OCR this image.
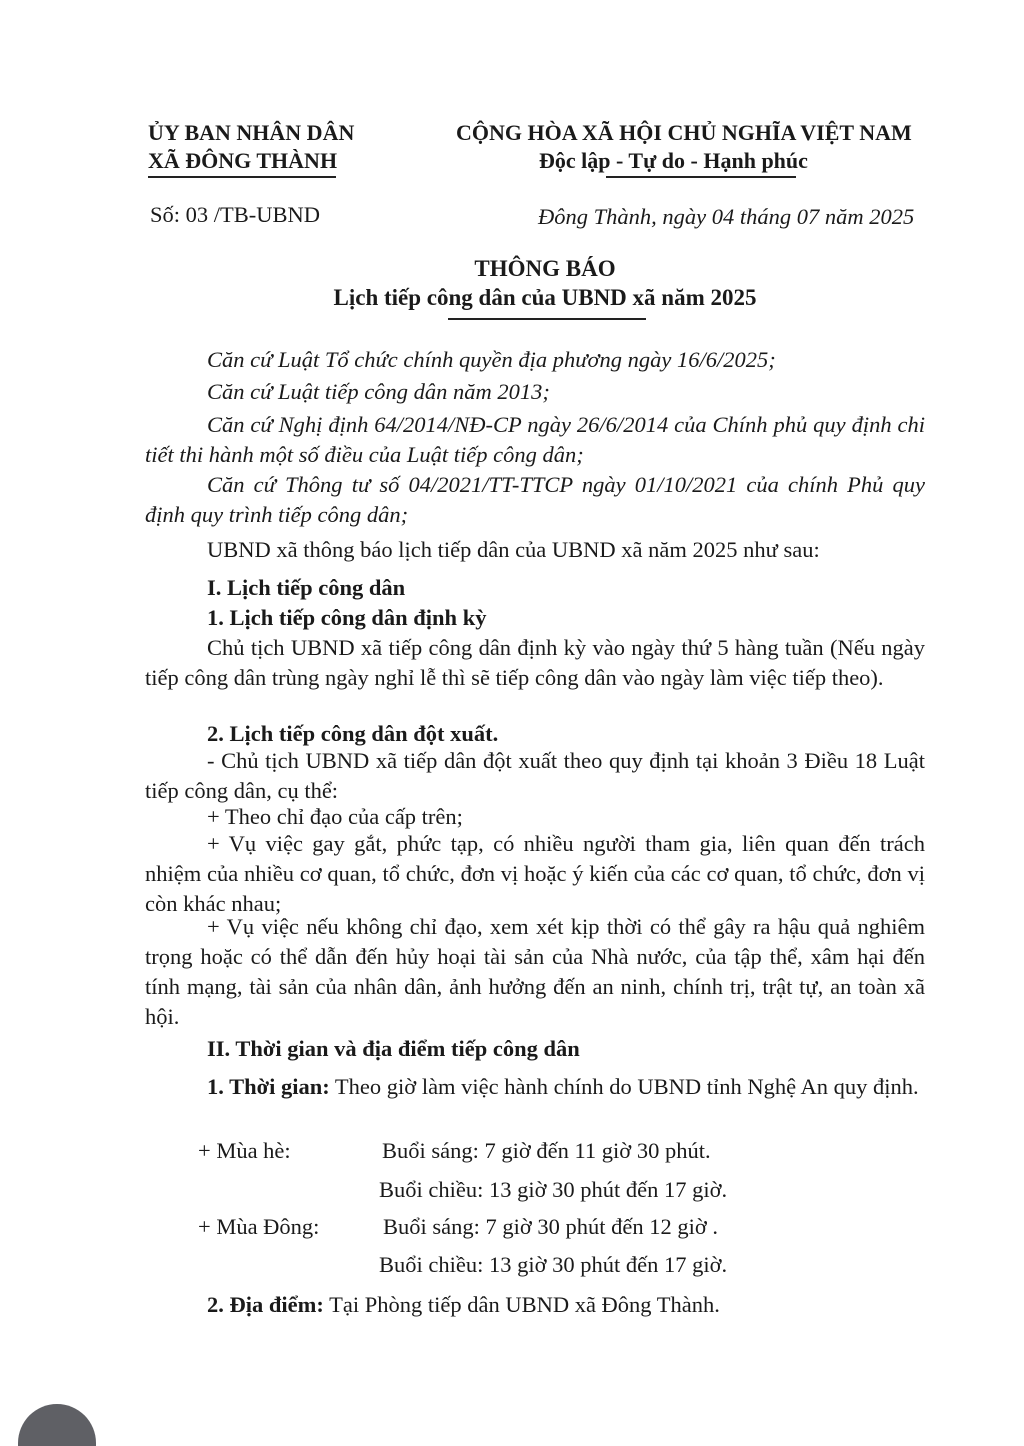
ỦY BAN NHÂN DÂN
XÃ ĐÔNG THÀNH
CỘNG HÒA XÃ HỘI CHỦ NGHĨA VIỆT NAM
Độc lập - Tự do - Hạnh phúc
Số: 03 /TB-UBND	Đông Thành, ngày 04 tháng 07 năm 2025
THÔNG BÁO
Lịch tiếp công dân của UBND xã năm 2025
Căn cứ Luật Tổ chức chính quyền địa phương ngày 16/6/2025;
Căn cứ Luật tiếp công dân năm 2013;
Căn cứ Nghị định 64/2014/NĐ-CP ngày 26/6/2014 của Chính phủ quy định chi tiết thi hành một số điều của Luật tiếp công dân;
Căn cứ Thông tư số 04/2021/TT-TTCP ngày 01/10/2021 của chính Phủ quy định quy trình tiếp công dân;
UBND xã thông báo lịch tiếp dân của UBND xã năm 2025 như sau:
I. Lịch tiếp công dân
1. Lịch tiếp công dân định kỳ
Chủ tịch UBND xã tiếp công dân định kỳ vào ngày thứ 5 hàng tuần (Nếu ngày tiếp công dân trùng ngày nghỉ lễ thì sẽ tiếp công dân vào ngày làm việc tiếp theo).
2. Lịch tiếp công dân đột xuất.
- Chủ tịch UBND xã tiếp dân đột xuất theo quy định tại khoản 3 Điều 18 Luật tiếp công dân, cụ thể:
+ Theo chỉ đạo của cấp trên;
+ Vụ việc gay gắt, phức tạp, có nhiều người tham gia, liên quan đến trách nhiệm của nhiều cơ quan, tổ chức, đơn vị hoặc ý kiến của các cơ quan, tổ chức, đơn vị còn khác nhau;
+ Vụ việc nếu không chỉ đạo, xem xét kịp thời có thể gây ra hậu quả nghiêm trọng hoặc có thể dẫn đến hủy hoại tài sản của Nhà nước, của tập thể, xâm hại đến tính mạng, tài sản của nhân dân, ảnh hưởng đến an ninh, chính trị, trật tự, an toàn xã hội.
II. Thời gian và địa điểm tiếp công dân
1. Thời gian: Theo giờ làm việc hành chính do UBND tỉnh Nghệ An quy định.
+ Mùa hè:	Buổi sáng: 7 giờ đến 11 giờ 30 phút.
Buổi chiều: 13 giờ 30 phút đến 17 giờ.
+ Mùa Đông:	Buổi sáng: 7 giờ 30 phút đến 12 giờ .
Buổi chiều: 13 giờ 30 phút đến 17 giờ.
2. Địa điểm: Tại Phòng tiếp dân UBND xã Đông Thành.
